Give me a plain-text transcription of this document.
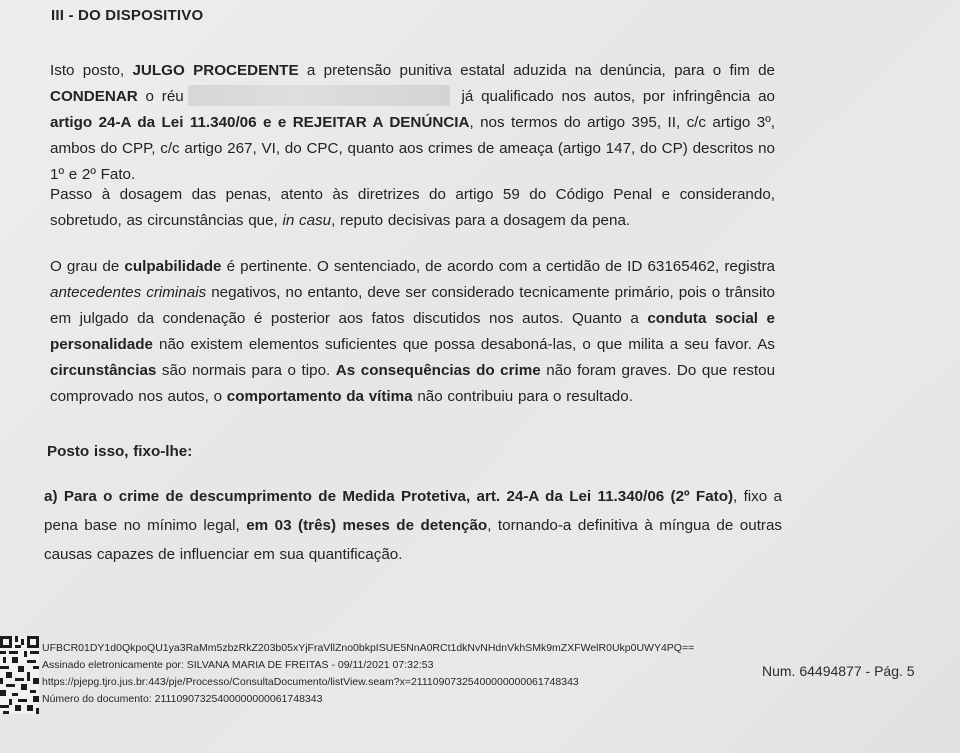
III - DO DISPOSITIVO
Isto posto, JULGO PROCEDENTE a pretensão punitiva estatal aduzida na denúncia, para o fim de CONDENAR o réu	já qualificado nos autos, por infringência ao artigo 24-A da Lei 11.340/06 e e REJEITAR A DENÚNCIA, nos termos do artigo 395, II, c/c artigo 3º, ambos do CPP, c/c artigo 267, VI, do CPC, quanto aos crimes de ameaça (artigo 147, do CP) descritos no 1º e 2º Fato.
Passo à dosagem das penas, atento às diretrizes do artigo 59 do Código Penal e considerando, sobretudo, as circunstâncias que, in casu, reputo decisivas para a dosagem da pena.
O grau de culpabilidade é pertinente. O sentenciado, de acordo com a certidão de ID 63165462, registra antecedentes criminais negativos, no entanto, deve ser considerado tecnicamente primário, pois o trânsito em julgado da condenação é posterior aos fatos discutidos nos autos. Quanto a conduta social e personalidade não existem elementos suficientes que possa desaboná-las, o que milita a seu favor. As circunstâncias são normais para o tipo. As consequências do crime não foram graves. Do que restou comprovado nos autos, o comportamento da vítima não contribuiu para o resultado.
Posto isso, fixo-lhe:
a) Para o crime de descumprimento de Medida Protetiva, art. 24-A da Lei 11.340/06 (2º Fato), fixo a pena base no mínimo legal, em 03 (três) meses de detenção, tornando-a definitiva à míngua de outras causas capazes de influenciar em sua quantificação.
UFBCR01DY1d0QkpoQU1ya3RaMm5zbzRkZ203b05xYjFraVllZno0bkpISUE5NnA0RCt1dkNvNHdnVkhSMk9mZXFWelR0Ukp0UWY4PQ==
Assinado eletronicamente por: SILVANA MARIA DE FREITAS - 09/11/2021 07:32:53
https://pjepg.tjro.jus.br:443/pje/Processo/ConsultaDocumento/listView.seam?x=21110907325400000000061748343
Número do documento: 21110907325400000000061748343
Num. 64494877 - Pág. 5
